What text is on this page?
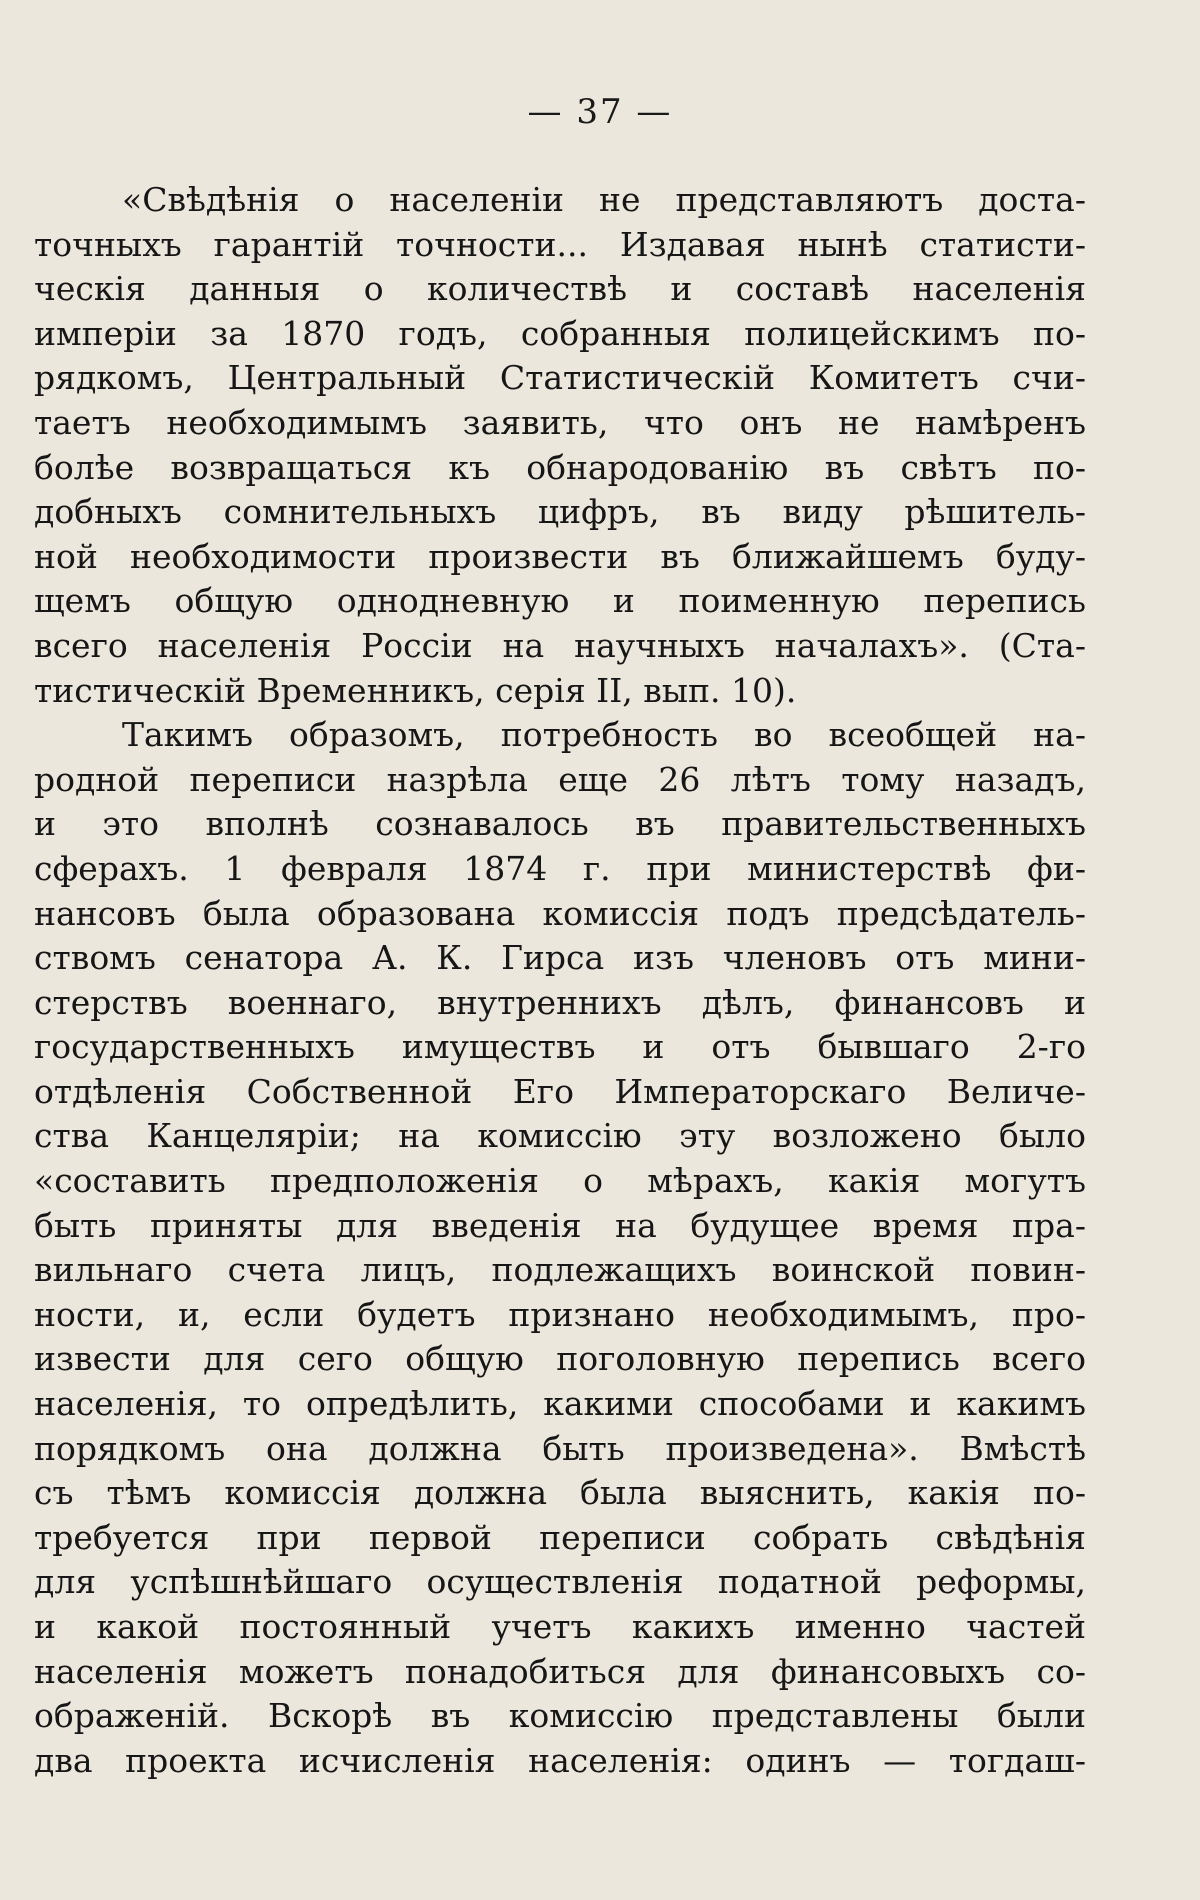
— 37 —
«Свѣдѣнія о населеніи не представляютъ доста-
точныхъ гарантій точности... Издавая нынѣ статисти-
ческія данныя о количествѣ и составѣ населенія
имперіи за 1870 годъ, собранныя полицейскимъ по-
рядкомъ, Центральный Статистическій Комитетъ счи-
таетъ необходимымъ заявить, что онъ не намѣренъ
болѣе возвращаться къ обнародованію въ свѣтъ по-
добныхъ сомнительныхъ цифръ, въ виду рѣшитель-
ной необходимости произвести въ ближайшемъ буду-
щемъ общую однодневную и поименную перепись
всего населенія Россіи на научныхъ началахъ». (Ста-
тистическій Временникъ, серія II, вып. 10).
Такимъ образомъ, потребность во всеобщей на-
родной переписи назрѣла еще 26 лѣтъ тому назадъ,
и это вполнѣ сознавалось въ правительственныхъ
сферахъ. 1 февраля 1874 г. при министерствѣ фи-
нансовъ была образована комиссія подъ предсѣдатель-
ствомъ сенатора А. К. Гирса изъ членовъ отъ мини-
стерствъ военнаго, внутреннихъ дѣлъ, финансовъ и
государственныхъ имуществъ и отъ бывшаго 2-го
отдѣленія Собственной Его Императорскаго Величе-
ства Канцеляріи; на комиссію эту возложено было
«составить предположенія о мѣрахъ, какія могутъ
быть приняты для введенія на будущее время пра-
вильнаго счета лицъ, подлежащихъ воинской повин-
ности, и, если будетъ признано необходимымъ, про-
извести для сего общую поголовную перепись всего
населенія, то опредѣлить, какими способами и какимъ
порядкомъ она должна быть произведена». Вмѣстѣ
съ тѣмъ комиссія должна была выяснить, какія по-
требуется при первой переписи собрать свѣдѣнія
для успѣшнѣйшаго осуществленія податной реформы,
и какой постоянный учетъ какихъ именно частей
населенія можетъ понадобиться для финансовыхъ со-
ображеній. Вскорѣ въ комиссію представлены были
два проекта исчисленія населенія: одинъ — тогдаш-
